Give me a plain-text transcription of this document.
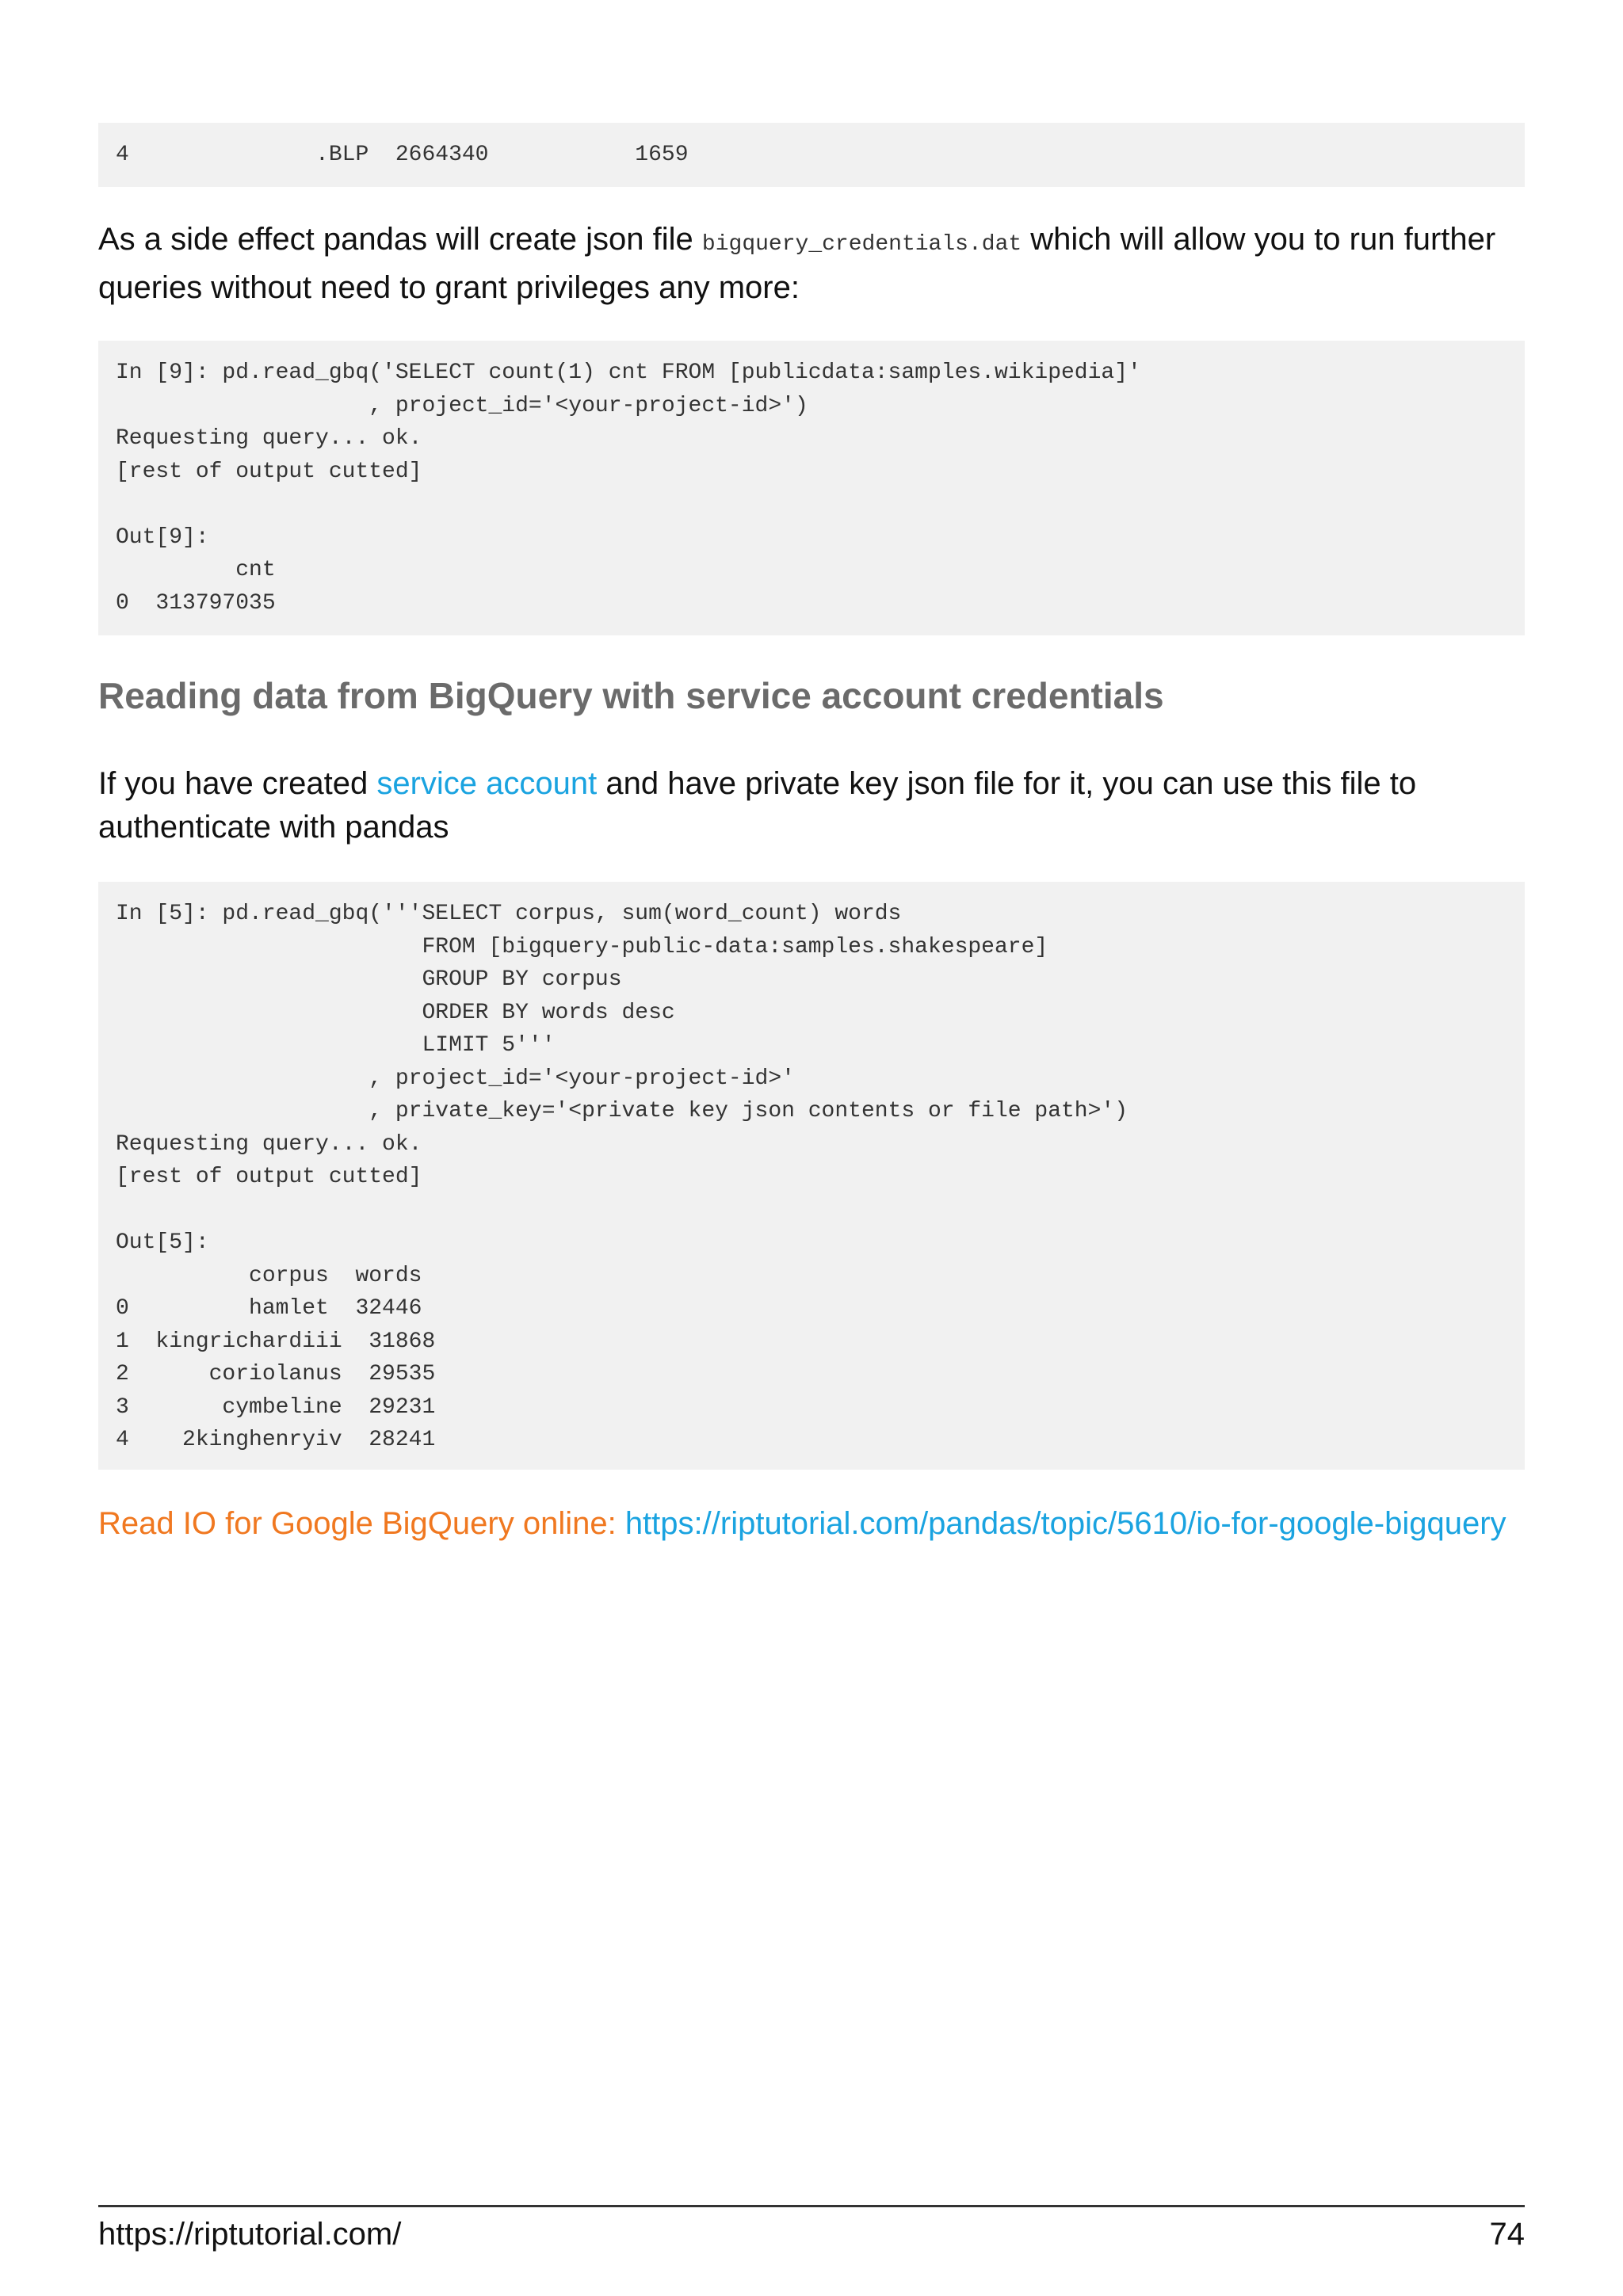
4              .BLP  2664340           1659

As a side effect pandas will create json file bigquery_credentials.dat which will allow you to run further queries without need to grant privileges any more:

In [9]: pd.read_gbq('SELECT count(1) cnt FROM [publicdata:samples.wikipedia]'
, project_id='<your-project-id>')
Requesting query... ok.
[rest of output cutted]

Out[9]:
cnt
0  313797035
Reading data from BigQuery with service account credentials

If you have created service account and have private key json file for it, you can use this file to authenticate with pandas

In [5]: pd.read_gbq('''SELECT corpus, sum(word_count) words
FROM [bigquery-public-data:samples.shakespeare]
GROUP BY corpus
ORDER BY words desc
LIMIT 5'''
, project_id='<your-project-id>'
, private_key='<private key json contents or file path>')
Requesting query... ok.
[rest of output cutted]

Out[5]:
corpus  words
0         hamlet  32446
1  kingrichardiii  31868
2      coriolanus  29535
3       cymbeline  29231
4    2kinghenryiv  28241

Read IO for Google BigQuery online: https://riptutorial.com/pandas/topic/5610/io-for-google-bigquery

https://riptutorial.com/	74
